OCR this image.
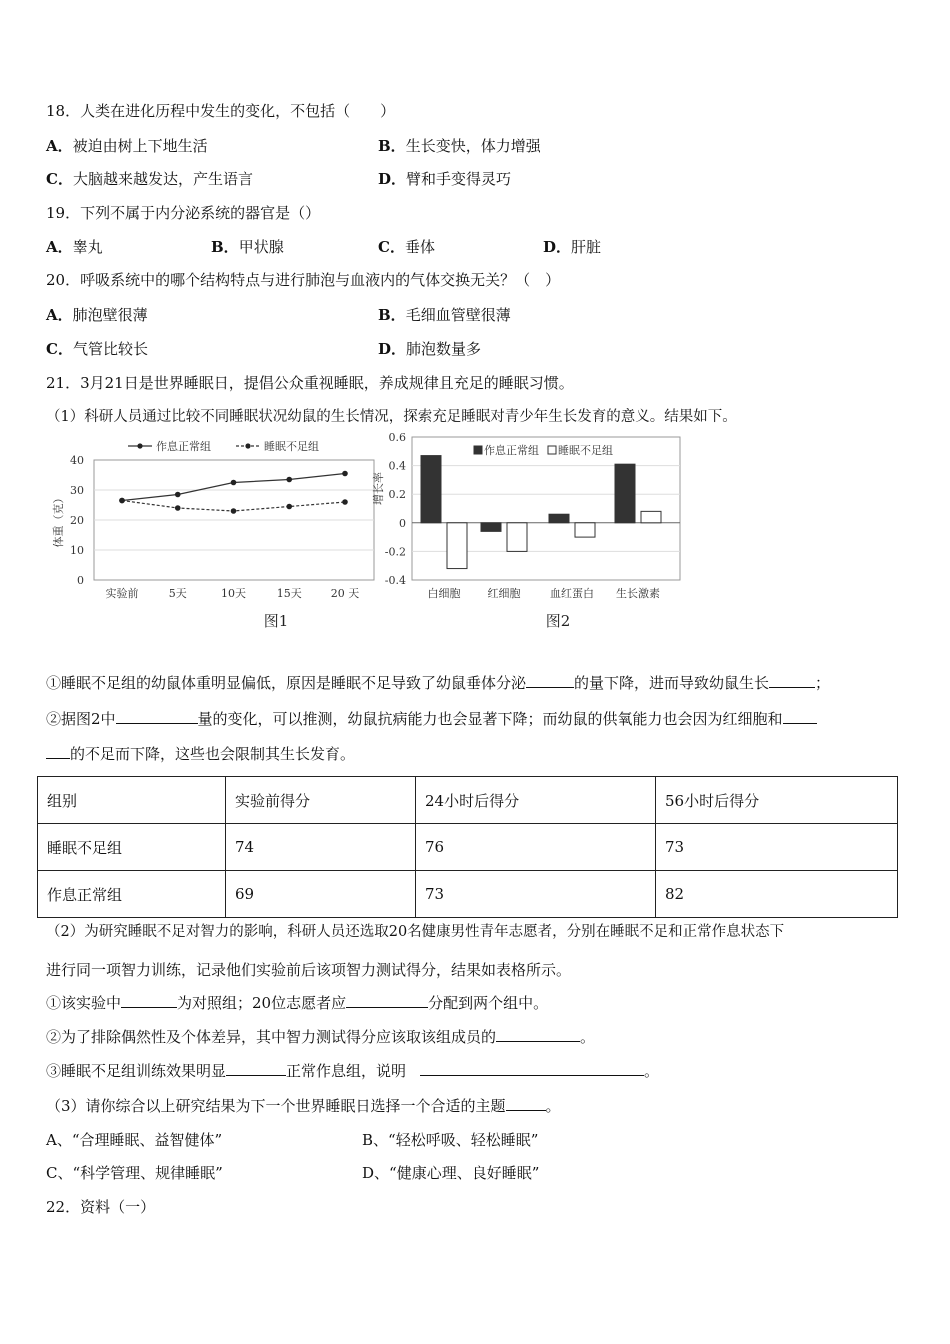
18．人类在进化历程中发生的变化，不包括（　　）
A．被迫由树上下地生活	B．生长变快，体力增强
C．大脑越来越发达，产生语言	D．臂和手变得灵巧
19．下列不属于内分泌系统的器官是（）
A．睾丸	B．甲状腺	C．垂体	D．肝脏
20．呼吸系统中的哪个结构特点与进行肺泡与血液内的气体交换无关？（　）
A．肺泡壁很薄	B．毛细血管壁很薄
C．气管比较长	D．肺泡数量多
21．3月21日是世界睡眠日，提倡公众重视睡眠，养成规律且充足的睡眠习惯。
（1）科研人员通过比较不同睡眠状况幼鼠的生长情况，探索充足睡眠对青少年生长发育的意义。结果如下。
0
10
20
30
40
实验前	5天	10天	15天	20 天
体重（克）
作息正常组	睡眠不足组
图1
-0.4
-0.2
0
0.2
0.4
0.6
增长率
白细胞 红细胞	血红蛋白 生长激素
作息正常组 睡眠不足组
图2
①睡眠不足组的幼鼠体重明显偏低，原因是睡眠不足导致了幼鼠垂体分泌	的量下降，进而导致幼鼠生长	；
②据图2中	量的变化，可以推测，幼鼠抗病能力也会显著下降；而幼鼠的供氧能力也会因为红细胞和
的不足而下降，这些也会限制其生长发育。
组别	实验前得分	24小时后得分	56小时后得分
睡眠不足组	74	76	73
作息正常组	69	73	82
（2）为研究睡眠不足对智力的影响，科研人员还选取20名健康男性青年志愿者，分别在睡眠不足和正常作息状态下
进行同一项智力训练，记录他们实验前后该项智力测试得分，结果如表格所示。
①该实验中	为对照组；20位志愿者应	分配到两个组中。
②为了排除偶然性及个体差异，其中智力测试得分应该取该组成员的	。
③睡眠不足组训练效果明显	正常作息组，说明	。
（3）请你综合以上研究结果为下一个世界睡眠日选择一个合适的主题	。
A、“合理睡眠、益智健体”	B、“轻松呼吸、轻松睡眠”
C、“科学管理、规律睡眠”	D、“健康心理、良好睡眠”
22．资料（一）
